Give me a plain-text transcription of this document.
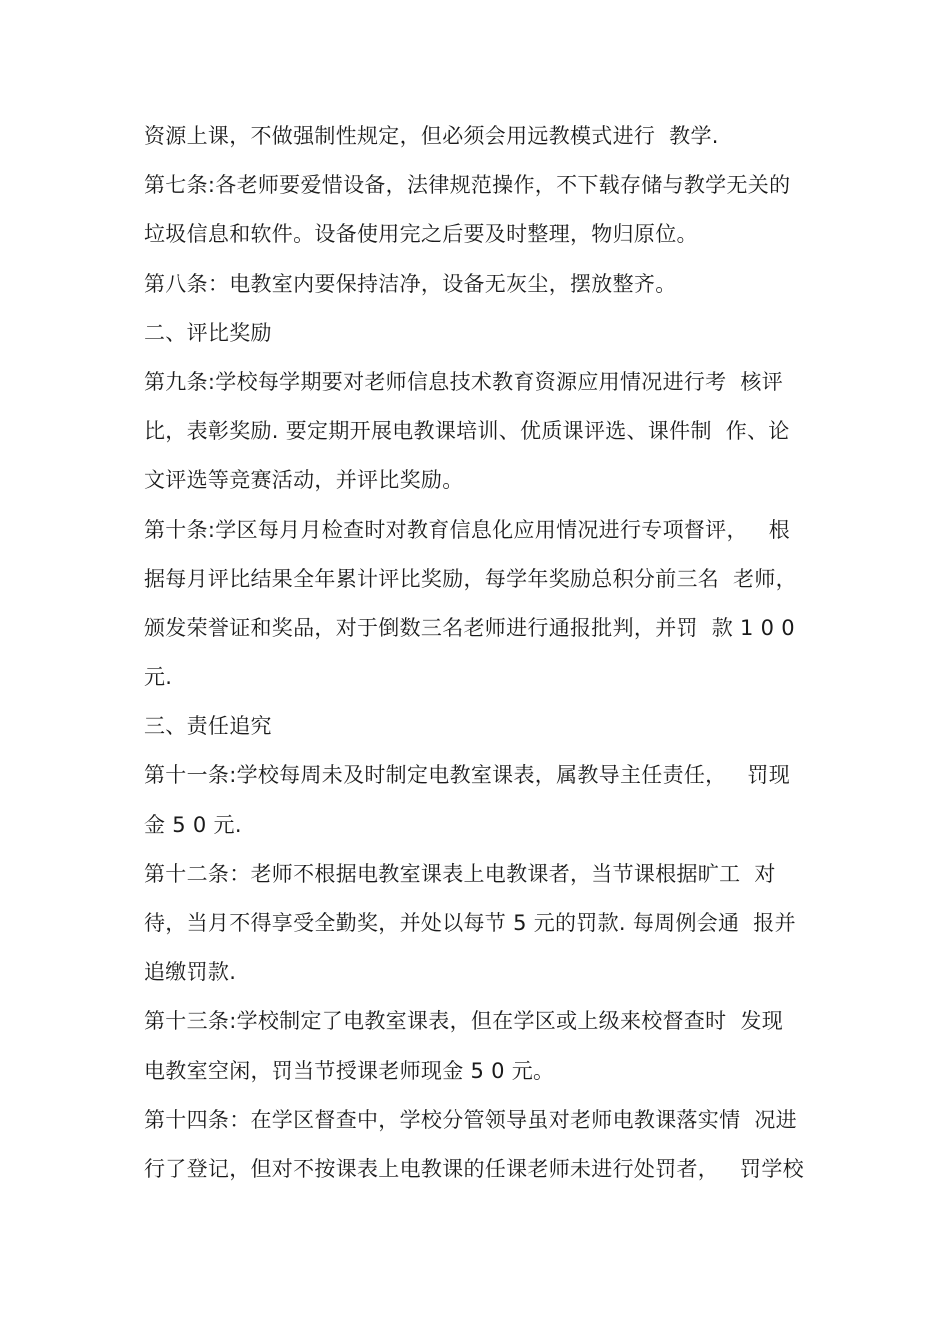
资源上课，不做强制性规定，但必须会用远教模式进行  教学.
第七条:各老师要爱惜设备，法律规范操作，不下载存储与教学无关的
垃圾信息和软件。设备使用完之后要及时整理，物归原位。
第八条：电教室内要保持洁净，设备无灰尘，摆放整齐。
二、评比奖励
第九条:学校每学期要对老师信息技术教育资源应用情况进行考  核评
比，表彰奖励. 要定期开展电教课培训、优质课评选、课件制  作、论
文评选等竞赛活动，并评比奖励。
第十条:学区每月月检查时对教育信息化应用情况进行专项督评，   根
据每月评比结果全年累计评比奖励，每学年奖励总积分前三名  老师，
颁发荣誉证和奖品，对于倒数三名老师进行通报批判，并罚  款 1 0 0
元.
三、责任追究
第十一条:学校每周未及时制定电教室课表，属教导主任责任，   罚现
金 5 0 元.
第十二条：老师不根据电教室课表上电教课者，当节课根据旷工  对
待，当月不得享受全勤奖，并处以每节 5 元的罚款. 每周例会通  报并
追缴罚款.
第十三条:学校制定了电教室课表，但在学区或上级来校督查时  发现
电教室空闲，罚当节授课老师现金 5 0 元。
第十四条：在学区督查中，学校分管领导虽对老师电教课落实情  况进
行了登记，但对不按课表上电教课的任课老师未进行处罚者，   罚学校
